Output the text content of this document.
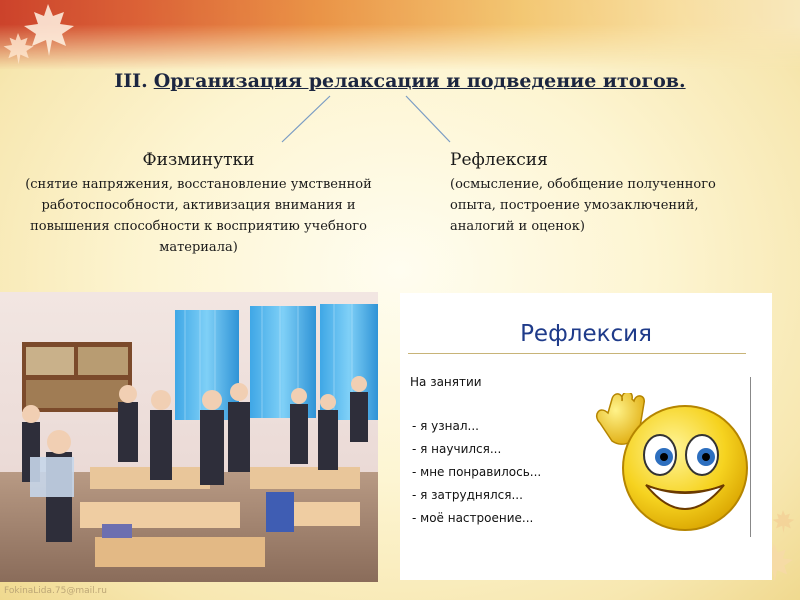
III. Организация релаксации и подведение итогов.
Физминутки
(снятие напряжения, восстановление умственной работоспособности, активизация внимания и повышения способности к восприятию учебного материала)
Рефлексия
(осмысление, обобщение полученного опыта, построение умозаключений, аналогий и оценок)
Рефлексия
На занятии
- я узнал...
- я научился...
- мне понравилось...
- я затруднялся...
- моё настроение...
FokinaLida.75@mail.ru
